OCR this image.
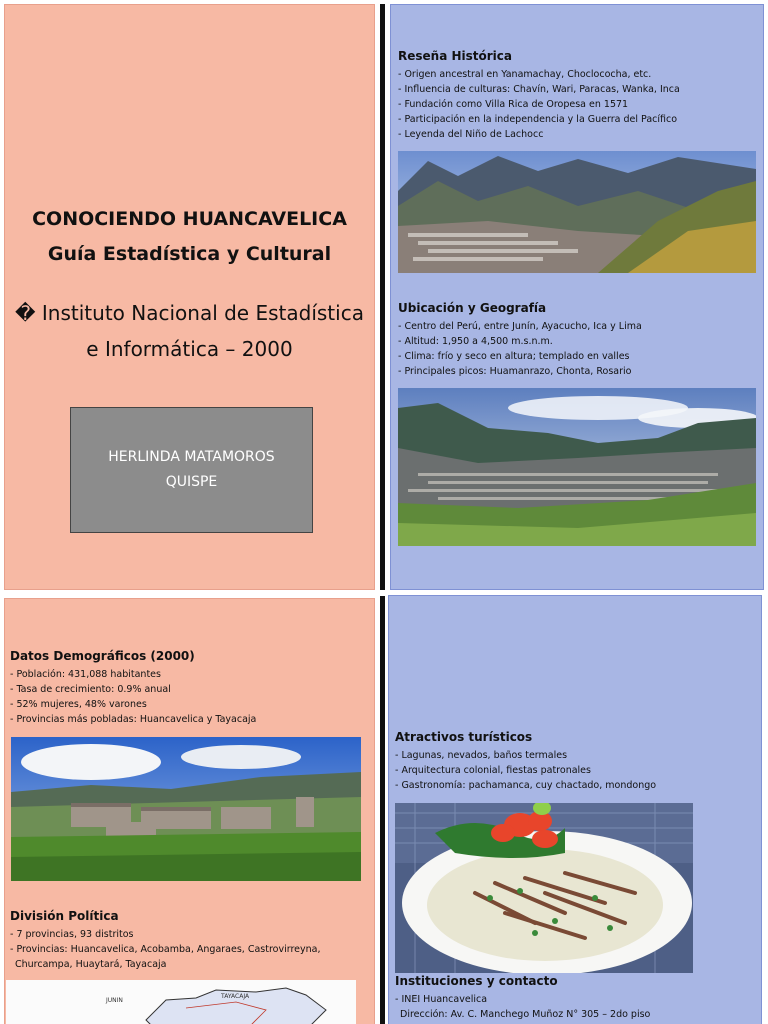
CONOCIENDO HUANCAVELICA
Guía Estadística y Cultural
� Instituto Nacional de Estadística
e Informática – 2000
HERLINDA MATAMOROS
QUISPE
Reseña Histórica
- Origen ancestral en Yanamachay, Choclococha, etc.
- Influencia de culturas: Chavín, Wari, Paracas, Wanka, Inca
- Fundación como Villa Rica de Oropesa en 1571
- Participación en la independencia y la Guerra del Pacífico
- Leyenda del Niño de Lachocc
Ubicación y Geografía
- Centro del Perú, entre Junín, Ayacucho, Ica y Lima
- Altitud: 1,950 a 4,500 m.s.n.m.
- Clima: frío y seco en altura; templado en valles
- Principales picos: Huamanrazo, Chonta, Rosario
Datos Demográficos (2000)
- Población: 431,088 habitantes
- Tasa de crecimiento: 0.9% anual
- 52% mujeres, 48% varones
- Provincias más pobladas: Huancavelica y Tayacaja
División Política
- 7 provincias, 93 distritos
- Provincias: Huancavelica, Acobamba, Angaraes, Castrovirreyna,
Churcampa, Huaytará, Tayacaja
JUNIN
TAYACAJA
Atractivos turísticos
- Lagunas, nevados, baños termales
- Arquitectura colonial, fiestas patronales
- Gastronomía: pachamanca, cuy chactado, mondongo
Instituciones y contacto
- INEI Huancavelica
Dirección: Av. C. Manchego Muñoz N° 305 – 2do piso
